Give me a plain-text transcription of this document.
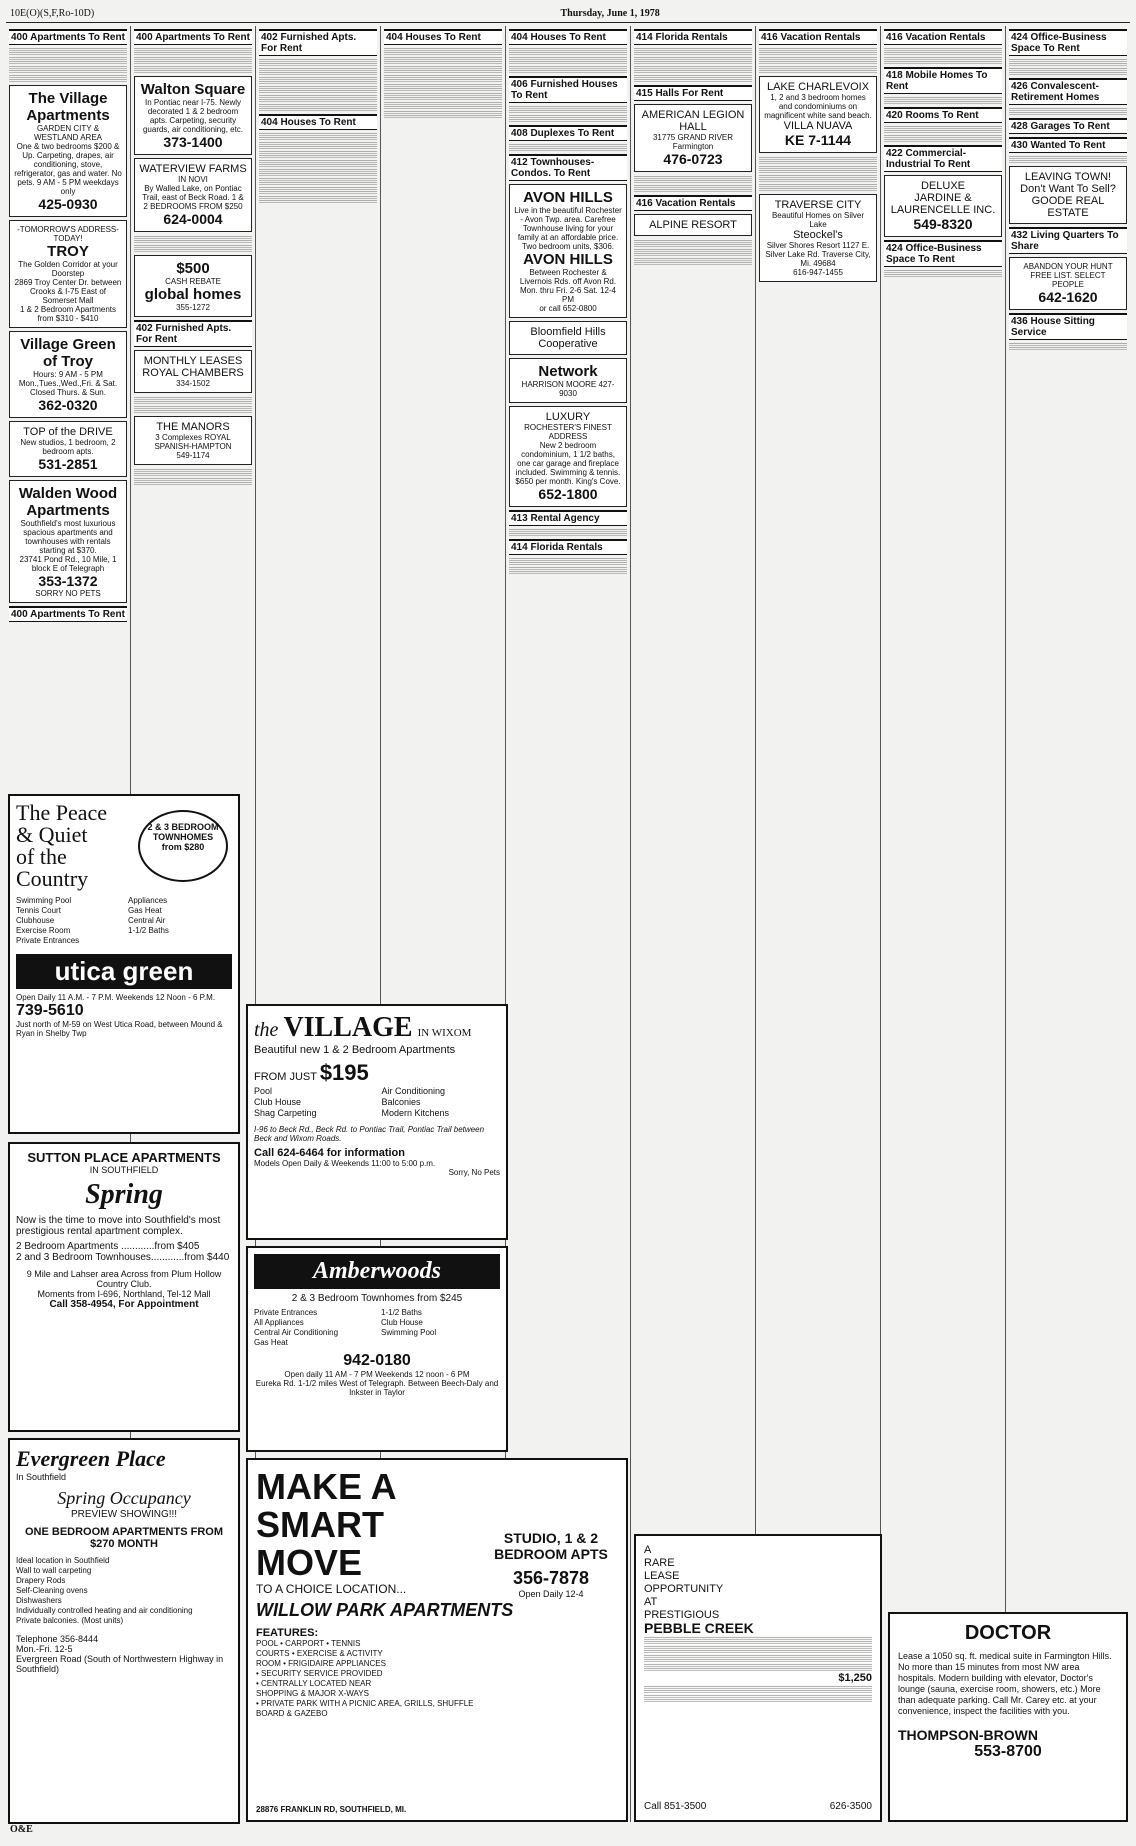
10E(O)(S,F,Ro-10D)	Thursday, June 1, 1978
400 Apartments To Rent
The Village Apartments
GARDEN CITY & WESTLAND AREA
One & two bedrooms $200 & Up. Carpeting, drapes, air conditioning, stove, refrigerator, gas and water. No pets. 9 AM - 5 PM weekdays only
425-0930
-TOMORROW'S ADDRESS-TODAY!
TROY
The Golden Corridor at your Doorstep
2869 Troy Center Dr. between Crooks & I-75 East of Somerset Mall
1 & 2 Bedroom Apartments from $310 - $410
Village Green of Troy
Hours: 9 AM - 5 PM Mon.,Tues.,Wed.,Fri. & Sat. Closed Thurs. & Sun.
362-0320
TOP of the DRIVE
New studios, 1 bedroom, 2 bedroom apts.
531-2851
Walden Wood Apartments
Southfield's most luxurious spacious apartments and townhouses with rentals starting at $370.
23741 Pond Rd., 10 Mile, 1 block E of Telegraph
353-1372
SORRY NO PETS
400 Apartments To Rent
400 Apartments To Rent
Walton Square
In Pontiac near I-75. Newly decorated 1 & 2 bedroom apts. Carpeting, security guards, air conditioning, etc.
373-1400
WATERVIEW FARMS
IN NOVI
By Walled Lake, on Pontiac Trail, east of Beck Road. 1 & 2 BEDROOMS FROM $250
624-0004
$500
CASH REBATE
global homes
355-1272
402 Furnished Apts. For Rent
MONTHLY LEASES
ROYAL CHAMBERS
334-1502
THE MANORS
3 Complexes ROYAL SPANISH-HAMPTON
549-1174
402 Furnished Apts. For Rent
404 Houses To Rent
404 Houses To Rent	404 Houses To Rent
406 Furnished Houses To Rent
408 Duplexes To Rent
412 Townhouses-Condos. To Rent
AVON HILLS
Live in the beautiful Rochester - Avon Twp. area. Carefree Townhouse living for your family at an affordable price.
Two bedroom units, $306.
AVON HILLS
Between Rochester & Livernois Rds. off Avon Rd. Mon. thru Fri. 2-6 Sat. 12-4 PM
or call 652-0800
Bloomfield Hills Cooperative
Network
HARRISON MOORE 427-9030
LUXURY
ROCHESTER'S FINEST ADDRESS
New 2 bedroom condominium, 1 1/2 baths, one car garage and fireplace included. Swimming & tennis. $650 per month. King's Cove.
652-1800
413 Rental Agency
414 Florida Rentals
414 Florida Rentals
415 Halls For Rent
AMERICAN LEGION HALL
31775 GRAND RIVER Farmington
476-0723
416 Vacation Rentals
ALPINE RESORT
416 Vacation Rentals
LAKE CHARLEVOIX
1, 2 and 3 bedroom homes and condominiums on magnificent white sand beach.
VILLA NUAVA
KE 7-1144
TRAVERSE CITY
Beautiful Homes on Silver Lake
Steockel's
Silver Shores Resort 1127 E. Silver Lake Rd. Traverse City, Mi. 49684
616-947-1455
416 Vacation Rentals
418 Mobile Homes To Rent
420 Rooms To Rent
422 Commercial-Industrial To Rent
DELUXE
JARDINE & LAURENCELLE INC.
549-8320
424 Office-Business Space To Rent
424 Office-Business Space To Rent
426 Convalescent-Retirement Homes
428 Garages To Rent
430 Wanted To Rent
LEAVING TOWN! Don't Want To Sell?
GOODE REAL ESTATE
432 Living Quarters To Share
ABANDON YOUR HUNT FREE LIST. SELECT PEOPLE
642-1620
436 House Sitting Service
The Peace
& Quiet
of the
Country
2 & 3 BEDROOM TOWNHOMES from $280
Swimming Pool
Tennis Court
Clubhouse
Exercise Room
Private Entrances
Appliances
Gas Heat
Central Air
1-1/2 Baths
utica green
Open Daily 11 A.M. - 7 P.M. Weekends 12 Noon - 6 P.M.
739-5610
Just north of M-59 on West Utica Road, between Mound & Ryan in Shelby Twp
SUTTON PLACE APARTMENTS
IN SOUTHFIELD
Spring
Now is the time to move into Southfield's most prestigious rental apartment complex.
2 Bedroom Apartments ............from $405
2 and 3 Bedroom Townhouses............from $440
9 Mile and Lahser area Across from Plum Hollow Country Club.
Moments from I-696, Northland, Tel-12 Mall
Call 358-4954, For Appointment
Evergreen Place
In Southfield
Spring Occupancy
PREVIEW SHOWING!!!
ONE BEDROOM APARTMENTS FROM $270 MONTH
Ideal location in Southfield
Wall to wall carpeting
Drapery Rods
Self-Cleaning ovens
Dishwashers
Individually controlled heating and air conditioning
Private balconies. (Most units)
Telephone 356-8444
Mon.-Fri. 12-5
Evergreen Road (South of Northwestern Highway in Southfield)
the VILLAGE IN WIXOM
Beautiful new 1 & 2 Bedroom Apartments
FROM JUST $195
Pool
Club House
Shag Carpeting
Air Conditioning
Balconies
Modern Kitchens
I-96 to Beck Rd., Beck Rd. to Pontiac Trail, Pontiac Trail between Beck and Wixom Roads.
Call 624-6464 for information
Models Open Daily & Weekends 11:00 to 5:00 p.m.
Sorry, No Pets
Amberwoods
2 & 3 Bedroom Townhomes from $245
Private Entrances
All Appliances
Central Air Conditioning
Gas Heat
1-1/2 Baths
Club House
Swimming Pool
942-0180
Open daily 11 AM - 7 PM Weekends 12 noon - 6 PM
Eureka Rd. 1-1/2 miles West of Telegraph. Between Beech-Daly and Inkster in Taylor
MAKE A
SMART
MOVE
TO A CHOICE LOCATION...
WILLOW PARK APARTMENTS
STUDIO, 1 & 2 BEDROOM APTS
356-7878
Open Daily 12-4
FEATURES:
POOL • CARPORT • TENNIS
COURTS • EXERCISE & ACTIVITY
ROOM • FRIGIDAIRE APPLIANCES
• SECURITY SERVICE PROVIDED
• CENTRALLY LOCATED NEAR
SHOPPING & MAJOR X-WAYS
• PRIVATE PARK WITH A PICNIC AREA, GRILLS, SHUFFLE BOARD & GAZEBO
28876 FRANKLIN RD, SOUTHFIELD, MI.
A
RARE
LEASE
OPPORTUNITY
AT
PRESTIGIOUS
PEBBLE CREEK
$1,250
Call 851-3500	626-3500
DOCTOR
Lease a 1050 sq. ft. medical suite in Farmington Hills. No more than 15 minutes from most NW area hospitals. Modern building with elevator, Doctor's lounge (sauna, exercise room, showers, etc.) More than adequate parking. Call Mr. Carey etc. at your convenience, inspect the facilities with you.
THOMPSON-BROWN
553-8700
O&E
